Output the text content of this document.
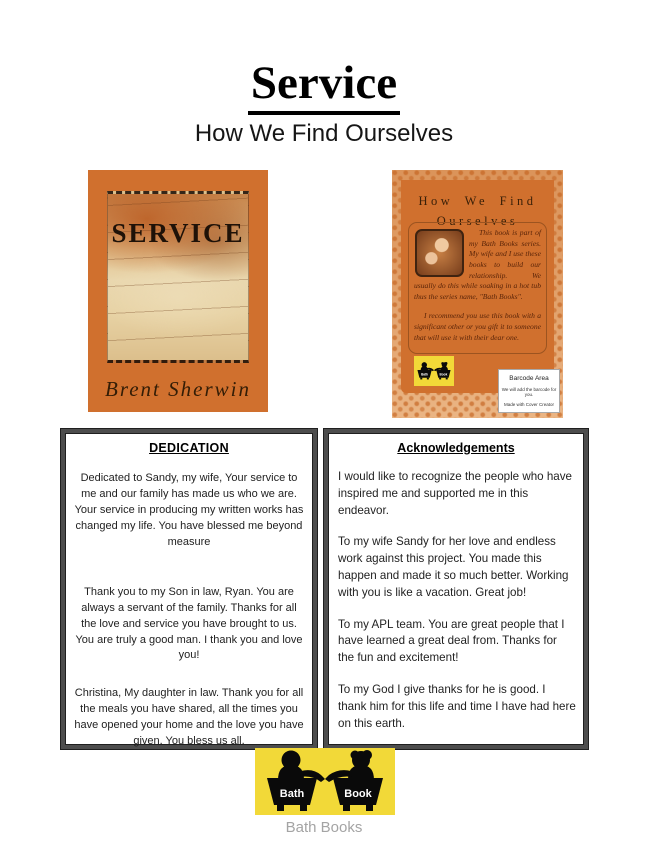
Service
How We Find Ourselves
SERVICE
Brent Sherwin
How We Find
Ourselves

This book is part of my Bath Books series. My wife and I use these books to build our relationship. We usually do this while soaking in a hot tub thus the series name, "Bath Books".

I recommend you use this book with a significant other or you gift it to someone that will use it with their dear one.

Bath Book
Barcode Area
We will add the barcode for you.
Made with Cover Creator
DEDICATION

Dedicated to Sandy, my wife, Your service to me and our family has made us who we are. Your service in producing my written works has changed my life. You have blessed me beyond measure

Thank you to my Son in law, Ryan. You are always a servant of the family. Thanks for all the love and service you have brought to us. You are truly a good man. I thank you and love you!

Christina, My daughter in law. Thank you for all the meals you have shared, all the times you have opened your home and the love you have given. You bless us all.

Acknowledgements

I would like to recognize the people who have inspired me and supported me in this endeavor.

To my wife Sandy for her love and endless work against this project. You made this happen and made it so much better. Working with you is like a vacation. Great job!

To my APL team. You are great people that I have learned a great deal from. Thanks for the fun and excitement!

To my God I give thanks for he is good. I thank him for this life and time I have had here on this earth.

Bath	Book
Bath Books
